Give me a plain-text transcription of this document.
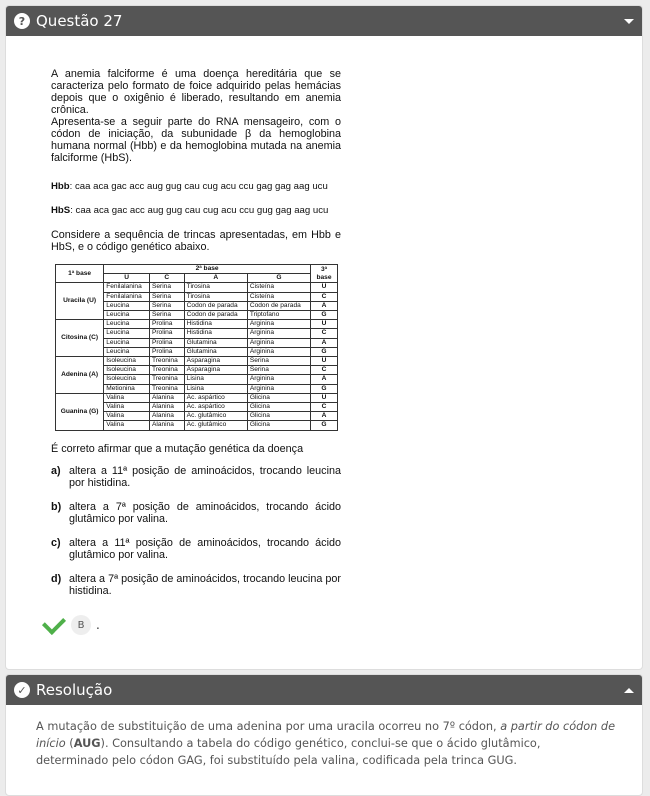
? Questão 27

A anemia falciforme é uma doença hereditária que se caracteriza pelo formato de foice adquirido pelas hemácias depois que o oxigênio é liberado, resultando em anemia crônica.

Apresenta-se a seguir parte do RNA mensageiro, com o códon de iniciação, da subunidade β da hemoglobina humana normal (Hbb) e da hemoglobina mutada na anemia falciforme (HbS).

Hbb: caa aca gac acc aug gug cau cug acu ccu gag gag aag ucu

HbS: caa aca gac acc aug gug cau cug acu ccu gug gag aag ucu

Considere a sequência de trincas apresentadas, em Hbb e HbS, e o código genético abaixo.

1ª base	2ª base				3ª base
	U	C	A	G	
Uracila (U)	Fenilalanina	Serina	Tirosina	Cisteína	U
	Fenilalanina	Serina	Tirosina	Cisteína	C
	Leucina	Serina	Codon de parada	Codon de parada	A
	Leucina	Serina	Codon de parada	Triptofano	G
Citosina (C)	Leucina	Prolina	Histidina	Arginina	U
	Leucina	Prolina	Histidina	Arginina	C
	Leucina	Prolina	Glutamina	Arginina	A
	Leucina	Prolina	Glutamina	Arginina	G
Adenina (A)	Isoleucina	Treonina	Asparagina	Serina	U
	Isoleucina	Treonina	Asparagina	Serina	C
	Isoleucina	Treonina	Lisina	Arginina	A
	Metionina	Treonina	Lisina	Arginina	G
Guanina (G)	Valina	Alanina	Ac. aspártico	Glicina	U
	Valina	Alanina	Ac. aspártico	Glicina	C
	Valina	Alanina	Ac. glutâmico	Glicina	A
	Valina	Alanina	Ac. glutâmico	Glicina	G

É correto afirmar que a mutação genética da doença

a) altera a 11ª posição de aminoácidos, trocando leucina por histidina.
b) altera a 7ª posição de aminoácidos, trocando ácido glutâmico por valina.
c) altera a 11ª posição de aminoácidos, trocando ácido glutâmico por valina.
d) altera a 7ª posição de aminoácidos, trocando leucina por histidina.
B .
✓ Resolução
A mutação de substituição de uma adenina por uma uracila ocorreu no 7º códon, a partir do códon de início (AUG). Consultando a tabela do código genético, conclui-se que o ácido glutâmico, determinado pelo códon GAG, foi substituído pela valina, codificada pela trinca GUG.
